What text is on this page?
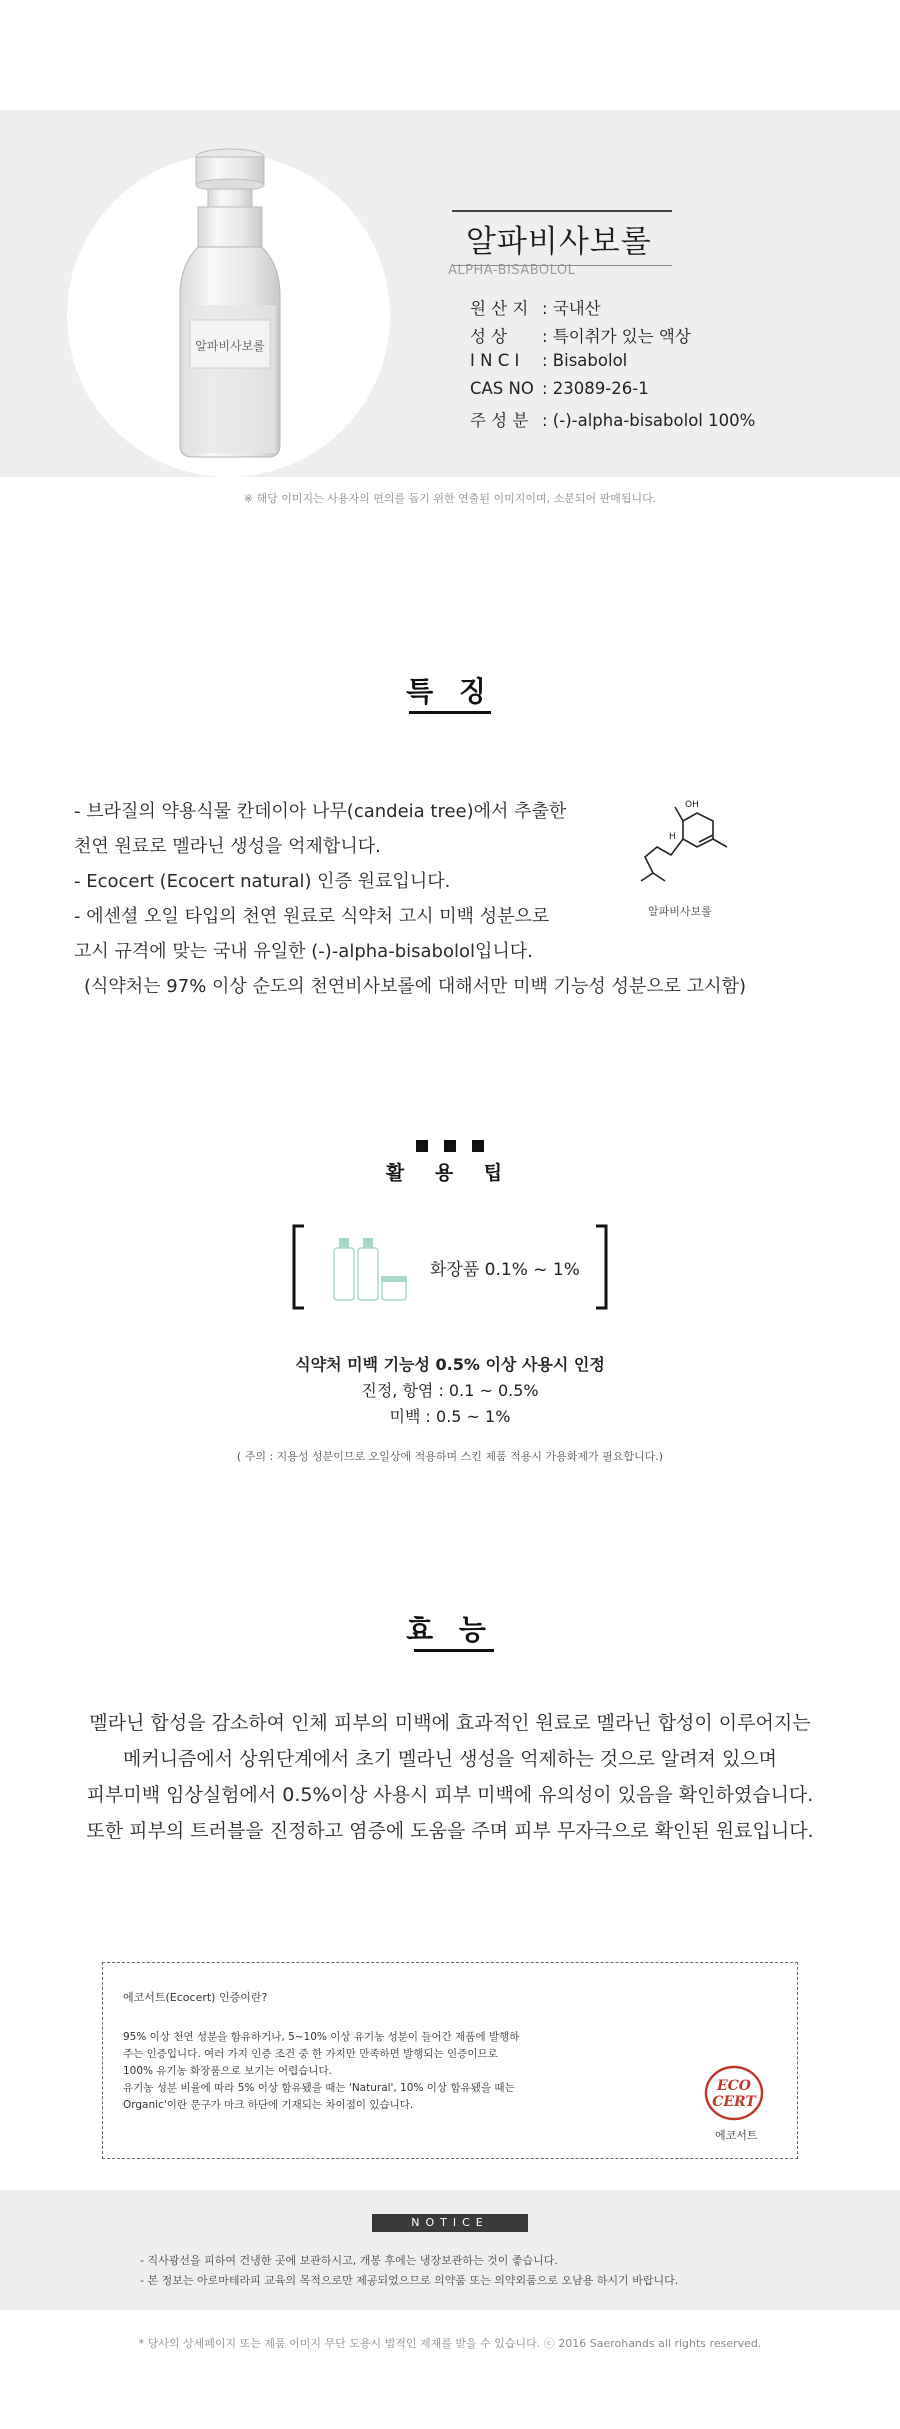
알파비사보롤
알파비사보롤
ALPHA-BISABOLOL
원 산 지 : 국내산
성 상 : 특이취가 있는 액상
I N C I : Bisabolol
CAS NO : 23089-26-1
주 성 분 : (-)-alpha-bisabolol 100%
※ 해당 이미지는 사용자의 편의를 돕기 위한 연출된 이미지이며, 소분되어 판매됩니다.
특 징
- 브라질의 약용식물 칸데이아 나무(candeia tree)에서 추출한
천연 원료로 멜라닌 생성을 억제합니다.
- Ecocert (Ecocert natural) 인증 원료입니다.
- 에센셜 오일 타입의 천연 원료로 식약처 고시 미백 성분으로
고시 규격에 맞는 국내 유일한 (-)-alpha-bisabolol입니다.
(식약처는 97% 이상 순도의 천연비사보롤에 대해서만 미백 기능성 성분으로 고시함)
OH
H
알파비사보롤
활 용 팁
화장품 0.1% ~ 1%
식약처 미백 기능성 0.5% 이상 사용시 인정
진정, 항염 : 0.1 ~ 0.5%
미백 : 0.5 ~ 1%
( 주의 : 지용성 성분이므로 오일상에 적용하며 스킨 제품 적용시 가용화제가 필요합니다.)
효 능
멜라닌 합성을 감소하여 인체 피부의 미백에 효과적인 원료로 멜라닌 합성이 이루어지는
메커니즘에서 상위단계에서 초기 멜라닌 생성을 억제하는 것으로 알려져 있으며
피부미백 임상실험에서 0.5%이상 사용시 피부 미백에 유의성이 있음을 확인하였습니다.
또한 피부의 트러블을 진정하고 염증에 도움을 주며 피부 무자극으로 확인된 원료입니다.
에코서트(Ecocert) 인증이란?
95% 이상 천연 성분을 함유하거나, 5~10% 이상 유기농 성분이 들어간 제품에 발행하
주는 인증입니다. 여러 가지 인증 조건 중 한 가지만 만족하면 발행되는 인증이므로
100% 유기농 화장품으로 보기는 어렵습니다.
유기농 성분 비율에 따라 5% 이상 함유됐을 때는 'Natural', 10% 이상 함유됐을 때는
Organic'이란 문구가 마크 하단에 기재되는 차이점이 있습니다.
ECO
CERT
에코서트
NOTICE
- 직사광선을 피하여 건냉한 곳에 보관하시고, 개봉 후에는 냉장보관하는 것이 좋습니다.
- 본 정보는 아로마테라피 교육의 목적으로만 제공되었으므로 의약품 또는 의약외품으로 오남용 하시기 바랍니다.
* 당사의 상세페이지 또는 제품 이미지 무단 도용시 법적인 제재를 받을 수 있습니다. ⓒ 2016 Saerohands all rights reserved.
